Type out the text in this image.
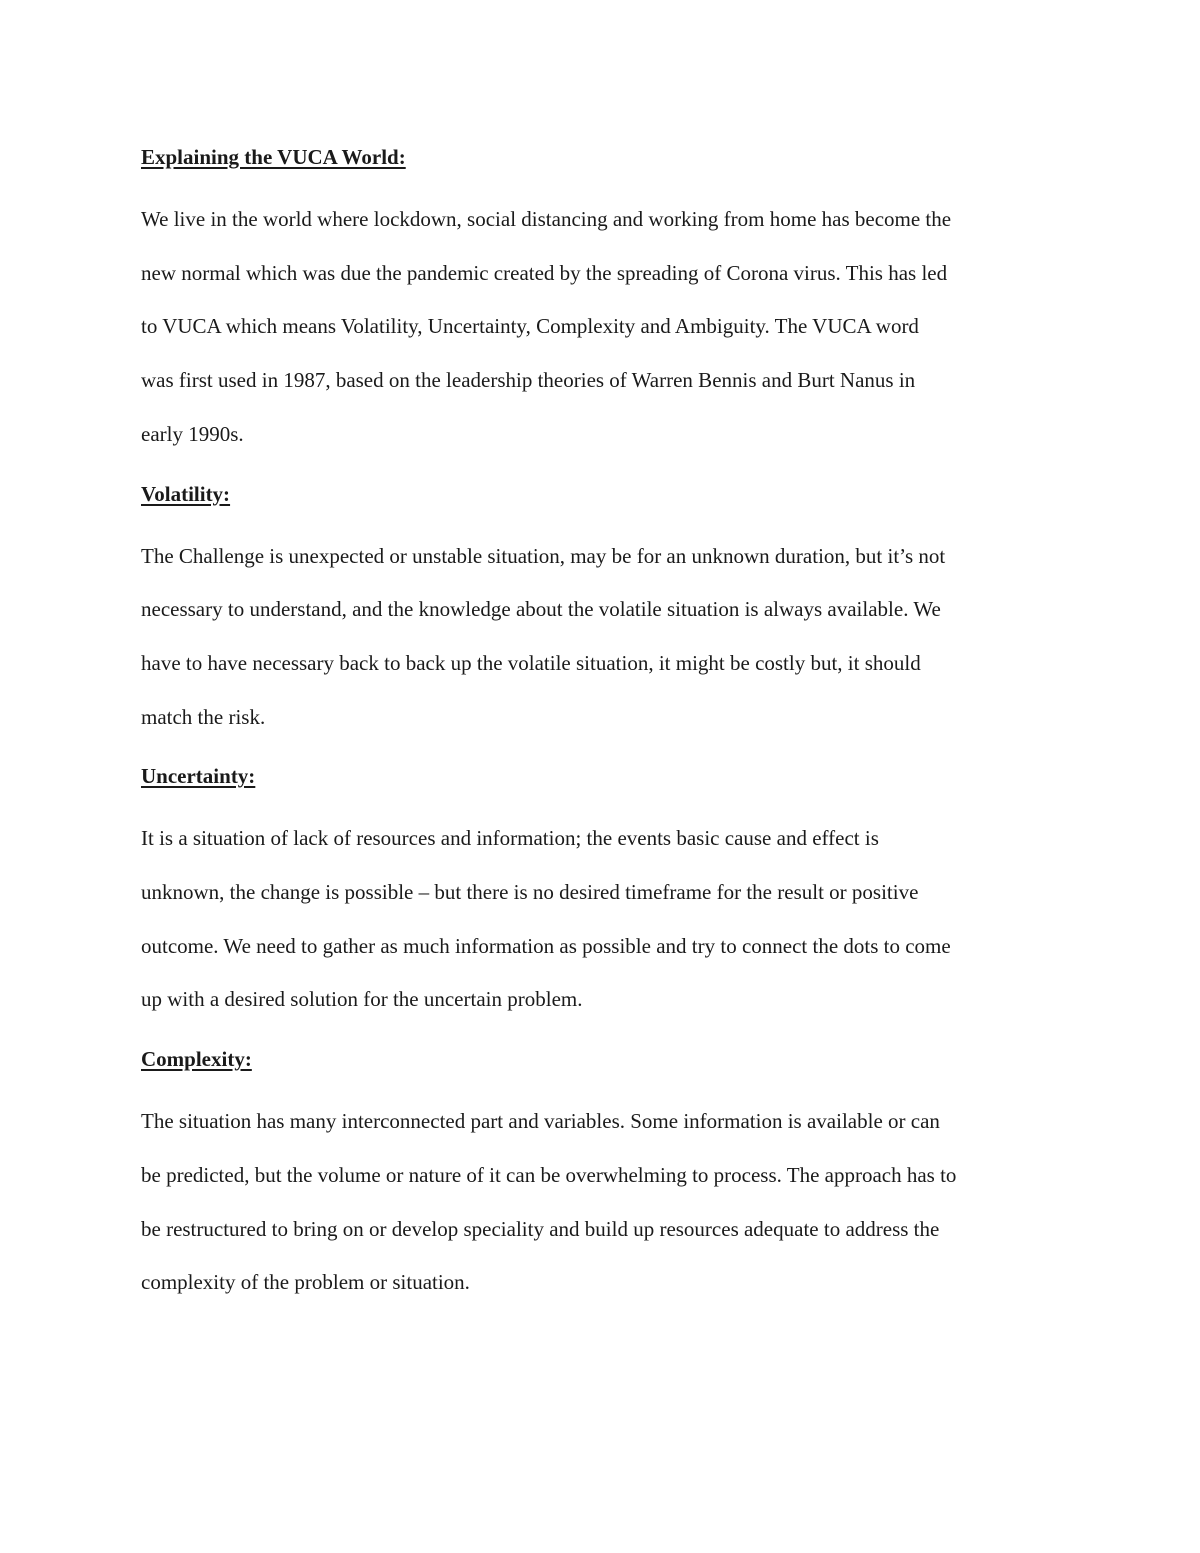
Explaining the VUCA World:
We live in the world where lockdown, social distancing and working from home has become the
new normal which was due the pandemic created by the spreading of Corona virus. This has led
to VUCA which means Volatility, Uncertainty, Complexity and Ambiguity. The VUCA word
was first used in 1987, based on the leadership theories of Warren Bennis and Burt Nanus in
early 1990s.
Volatility:
The Challenge is unexpected or unstable situation, may be for an unknown duration, but it’s not
necessary to understand, and the knowledge about the volatile situation is always available. We
have to have necessary back to back up the volatile situation, it might be costly but, it should
match the risk.
Uncertainty:
It is a situation of lack of resources and information; the events basic cause and effect is
unknown, the change is possible – but there is no desired timeframe for the result or positive
outcome. We need to gather as much information as possible and try to connect the dots to come
up with a desired solution for the uncertain problem.
Complexity:
The situation has many interconnected part and variables. Some information is available or can
be predicted, but the volume or nature of it can be overwhelming to process. The approach has to
be restructured to bring on or develop speciality and build up resources adequate to address the
complexity of the problem or situation.
